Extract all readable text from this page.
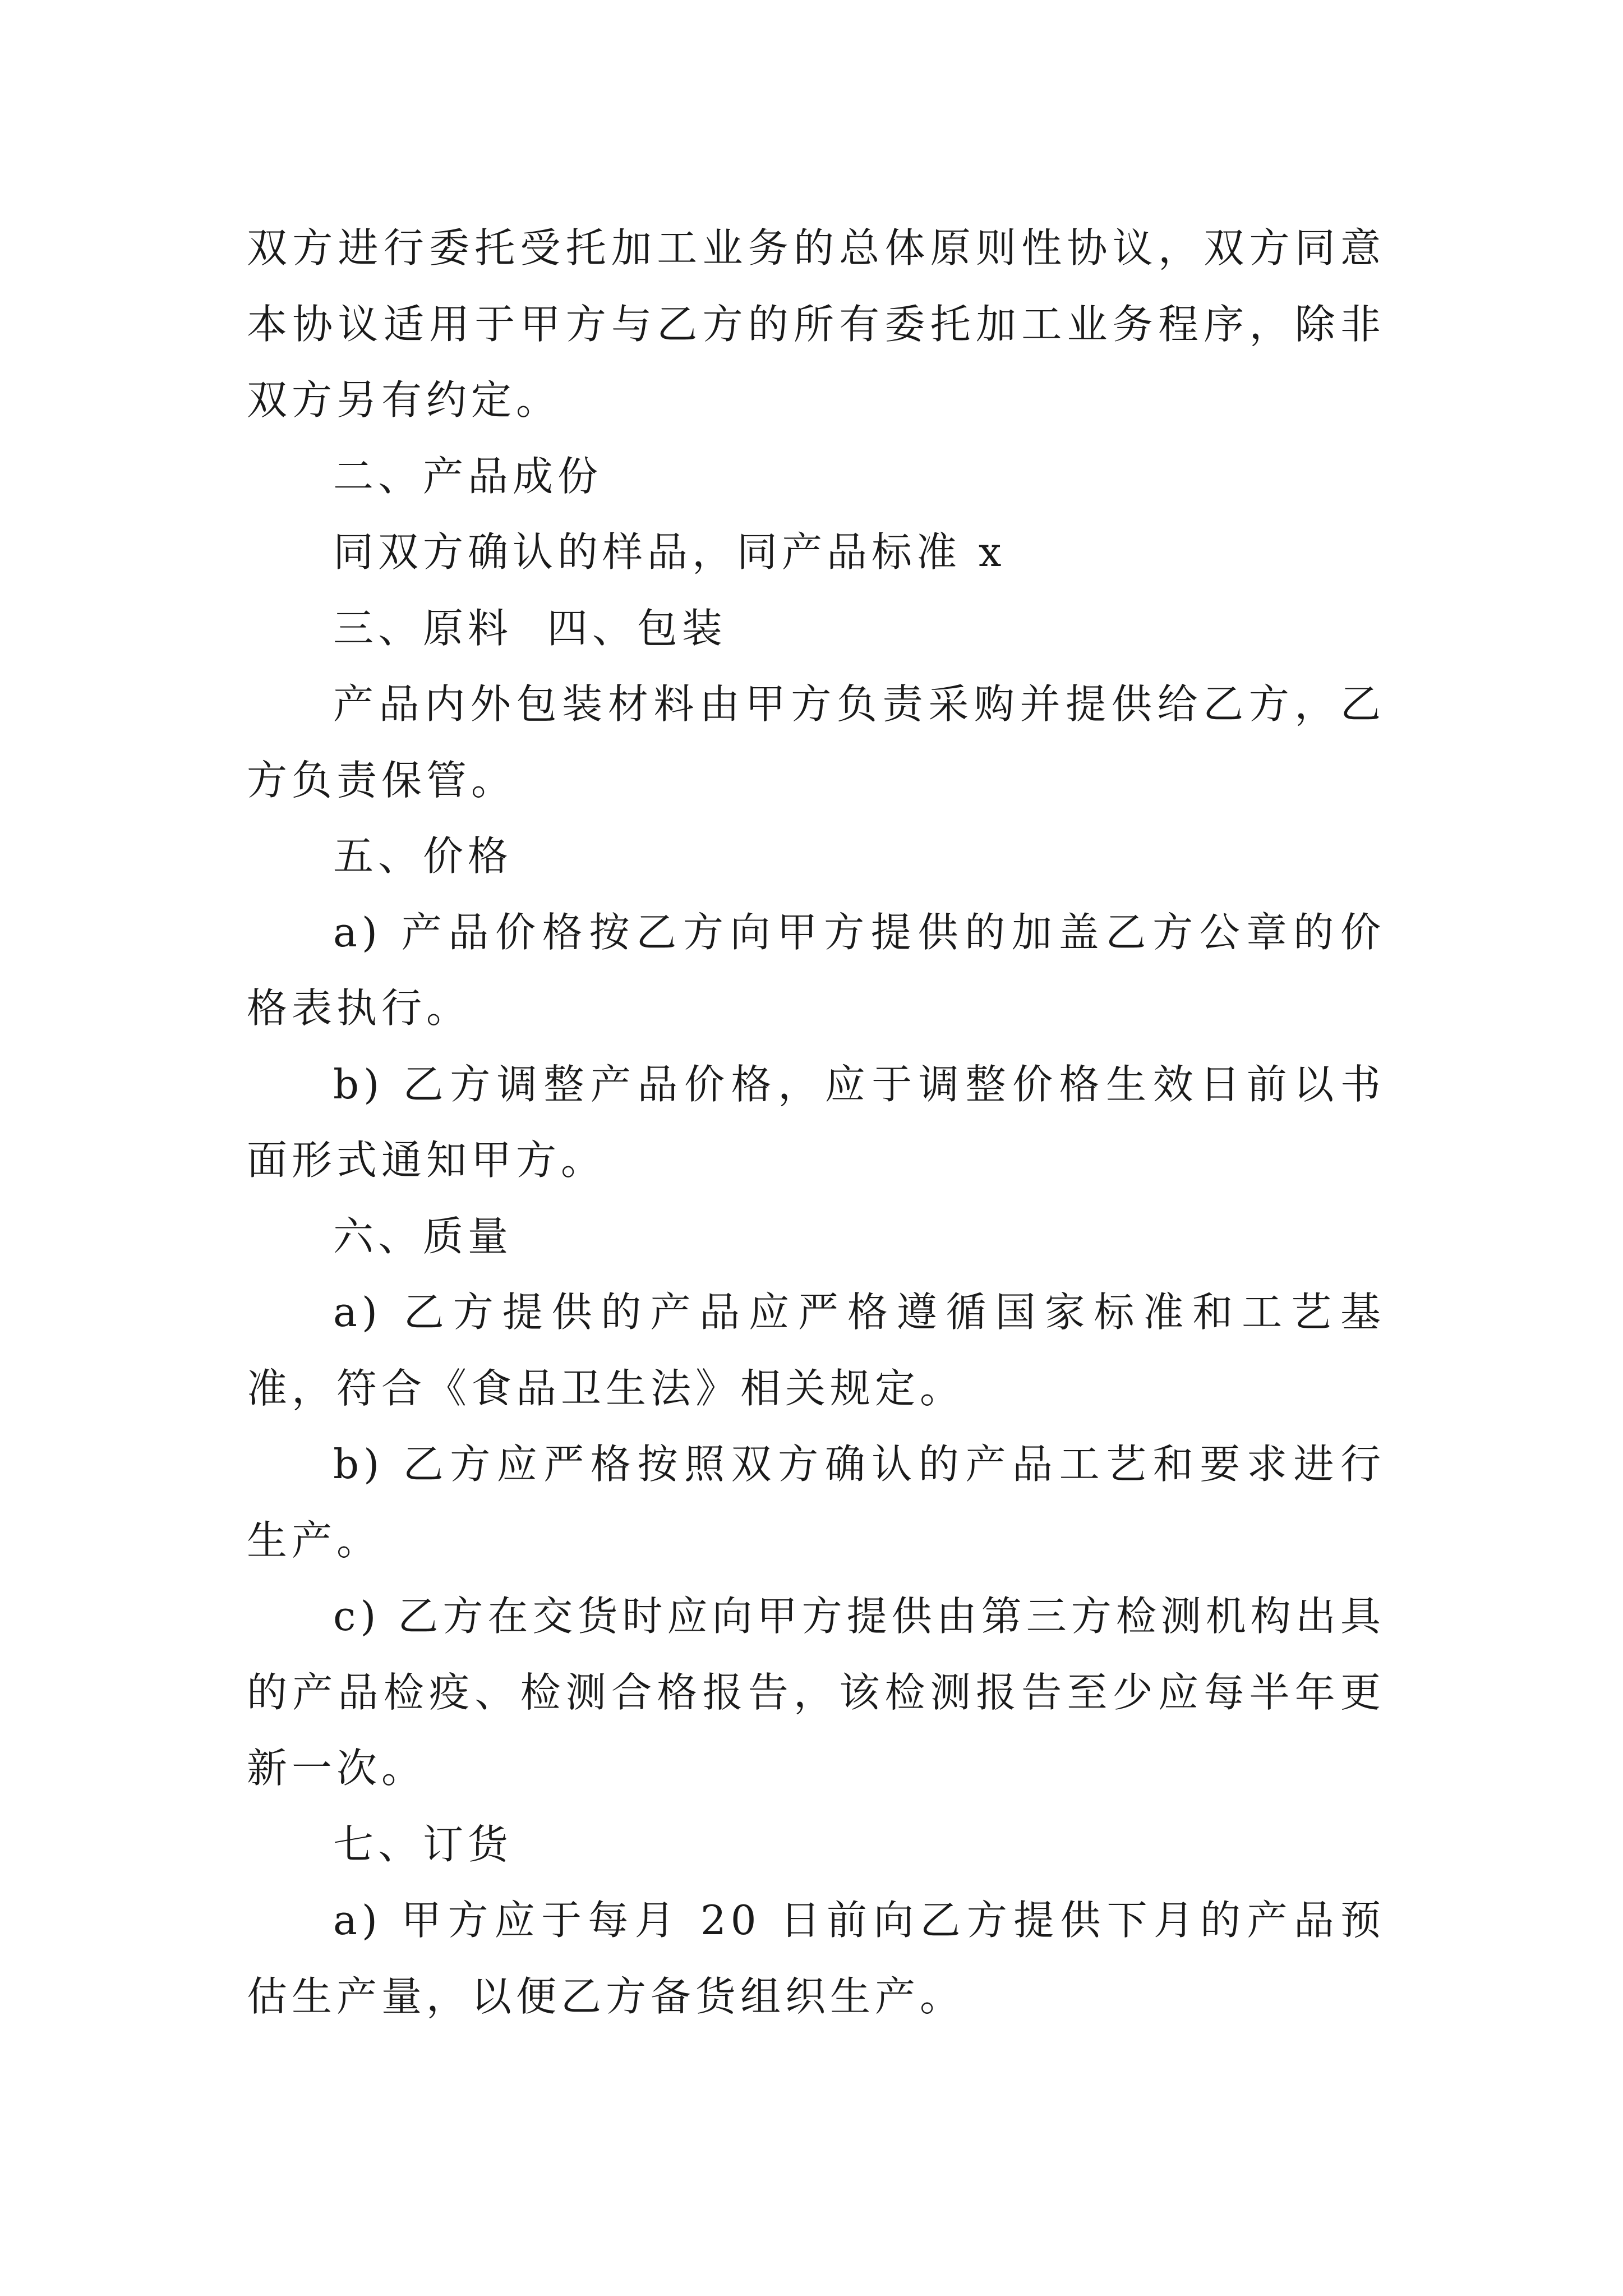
双方进行委托受托加工业务的总体原则性协议，双方同意本协议适用于甲方与乙方的所有委托加工业务程序，除非双方另有约定。

二、产品成份

同双方确认的样品，同产品标准 x

三、原料  四、包装

产品内外包装材料由甲方负责采购并提供给乙方，乙方负责保管。

五、价格

a) 产品价格按乙方向甲方提供的加盖乙方公章的价格表执行。

b) 乙方调整产品价格，应于调整价格生效日前以书面形式通知甲方。

六、质量

a) 乙方提供的产品应严格遵循国家标准和工艺基准，符合《食品卫生法》相关规定。

b) 乙方应严格按照双方确认的产品工艺和要求进行生产。

c) 乙方在交货时应向甲方提供由第三方检测机构出具的产品检疫、检测合格报告，该检测报告至少应每半年更新一次。

七、订货

a) 甲方应于每月 20 日前向乙方提供下月的产品预估生产量，以便乙方备货组织生产。
